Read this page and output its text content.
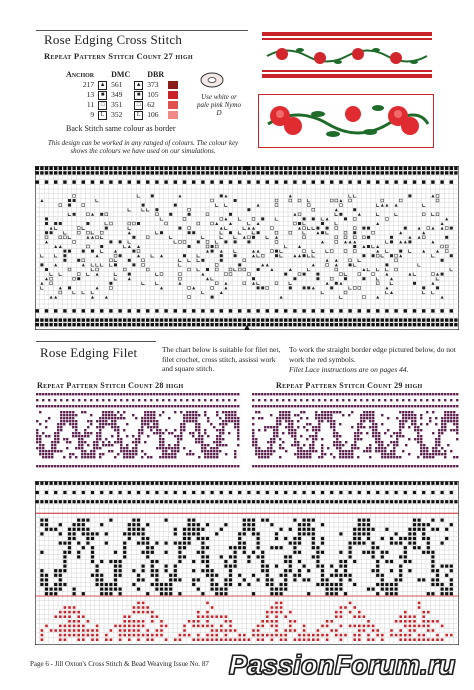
Rose Edging Cross Stitch
Repeat Pattern Stitch Count 27 high
Anchor		DMC		DBR	
217	▲	561	▲	373	
13	■	349	■	105	
11	□	351	□	62	
9	L	352	L	106	
Use white or pale pink Nymo D
Back Stitch same colour as border
This design can be worked in any ranged of colours. The colour key shows the colours we have used on our simulations.
Rose Edging Filet	The chart below is suitable for filet net, filet crochet, cross stitch, assissi work and square stitch.
To work the straight border edge pictured below, do not work the red symbols.
Filet Lace instructions are on pages 44.
Repeat Pattern Stitch Count 28 high	Repeat Pattern Stitch Count 29 high
Page 6 - Jill Oxton's Cross Stitch & Bead Weaving Issue No. 87 PassionForum.ru
